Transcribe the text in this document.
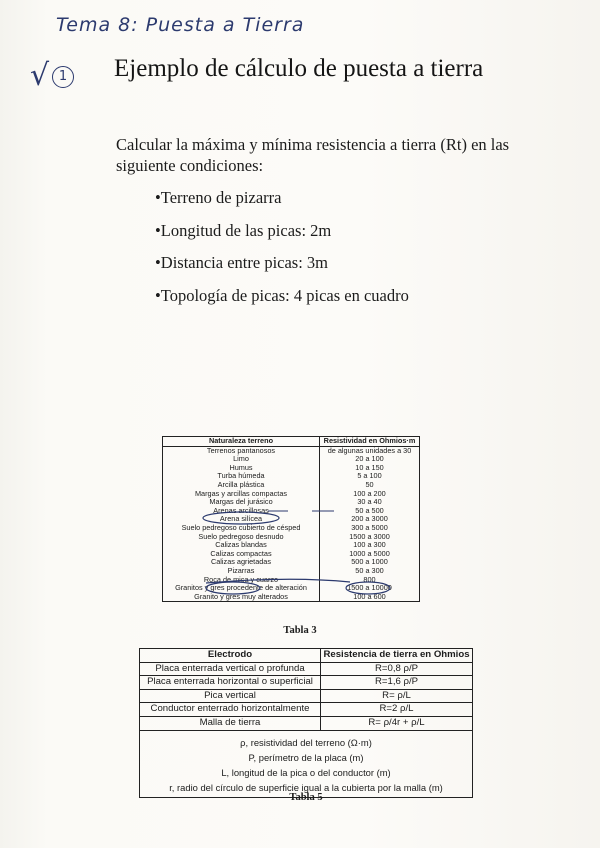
Tema 8: Puesta a Tierra
√ 1 Ejemplo de cálculo de puesta a tierra
Calcular la máxima y mínima resistencia a tierra (Rt) en las siguiente condiciones:
• Terreno de pizarra
• Longitud de las picas: 2m
• Distancia entre picas: 3m
• Topología de picas: 4 picas en cuadro
Naturaleza terreno	Resistividad en Ohmios·m
Terrenos pantanosos	de algunas unidades a 30
Limo	20 a 100
Humus	10 a 150
Turba húmeda	5 a 100
Arcilla plástica	50
Margas y arcillas compactas	100 a 200
Margas del jurásico	30 a 40
Arenas arcillosas	50 a 500
Arena silícea	200 a 3000
Suelo pedregoso cubierto de césped	300 a 5000
Suelo pedregoso desnudo	1500 a 3000
Calizas blandas	100 a 300
Calizas compactas	1000 a 5000
Calizas agrietadas	500 a 1000
Pizarras	50 a 300
Roca de mica y cuarzo	800
Granitos y gres procedente de alteración	1500 a 10000
Granito y gres muy alterados	100 a 600
Tabla 3
Electrodo	Resistencia de tierra en Ohmios
Placa enterrada vertical o profunda	R=0,8 ρ/P
Placa enterrada horizontal o superficial	R=1,6 ρ/P
Pica vertical	R= ρ/L
Conductor enterrado horizontalmente	R=2 ρ/L
Malla de tierra	R= ρ/4r + ρ/L

ρ, resistividad del terreno (Ω·m)
P, perímetro de la placa (m)
L, longitud de la pica o del conductor (m)
r, radio del círculo de superficie igual a la cubierta por la malla (m)	
Tabla 5
